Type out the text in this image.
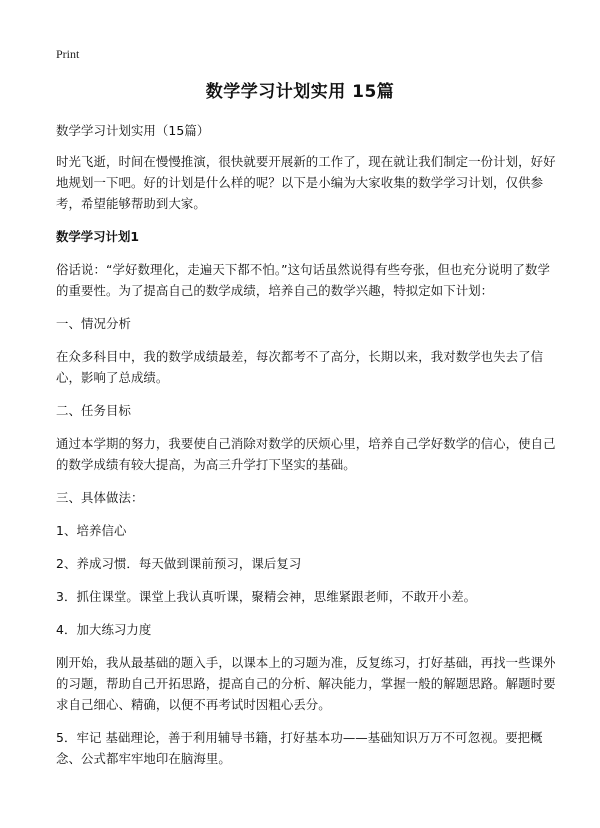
Print
数学学习计划实用 15篇
数学学习计划实用（15篇）
时光飞逝，时间在慢慢推演，很快就要开展新的工作了，现在就让我们制定一份计划，好好地规划一下吧。好的计划是什么样的呢？以下是小编为大家收集的数学学习计划，仅供参考，希望能够帮助到大家。
数学学习计划1
俗话说：“学好数理化，走遍天下都不怕。”这句话虽然说得有些夸张，但也充分说明了数学的重要性。为了提高自己的数学成绩，培养自己的数学兴趣，特拟定如下计划：
一、情况分析
在众多科目中，我的数学成绩最差，每次都考不了高分，长期以来，我对数学也失去了信心，影响了总成绩。
二、任务目标
通过本学期的努力，我要使自己消除对数学的厌烦心里，培养自己学好数学的信心，使自己的数学成绩有较大提高，为高三升学打下坚实的基础。
三、具体做法：
1、培养信心
2、养成习惯．每天做到课前预习，课后复习
3．抓住课堂。课堂上我认真听课，聚精会神，思维紧跟老师，不敢开小差。
4．加大练习力度
刚开始，我从最基础的题入手，以课本上的习题为准，反复练习，打好基础，再找一些课外的习题，帮助自己开拓思路，提高自己的分析、解决能力，掌握一般的解题思路。解题时要求自己细心、精确，以便不再考试时因粗心丢分。
5．牢记 基础理论，善于利用辅导书籍，打好基本功——基础知识万万不可忽视。要把概念、公式都牢牢地印在脑海里。
